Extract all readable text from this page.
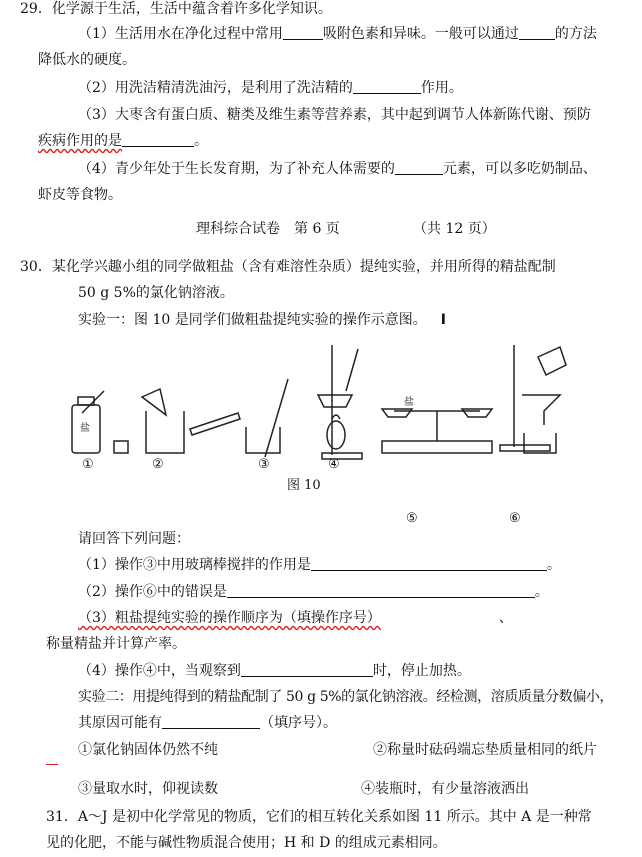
29．化学源于生活，生活中蕴含着许多化学知识。
（1）生活用水在净化过程中常用	吸附色素和异味。一般可以通过	的方法
降低水的硬度。
（2）用洗洁精清洗油污，是利用了洗洁精的	作用。
（3）大枣含有蛋白质、糖类及维生素等营养素，其中起到调节人体新陈代谢、预防
疾病作用的是	。
（4）青少年处于生长发育期，为了补充人体需要的	元素，可以多吃奶制品、
虾皮等食物。
理科综合试卷　第 6 页	（共 12 页）
30．某化学兴趣小组的同学做粗盐（含有难溶性杂质）提纯实验，并用所得的精盐配制
50 g 5%的氯化钠溶液。
实验一：图 10 是同学们做粗盐提纯实验的操作示意图。 I
盐
盐
①	②	③	④
图 10
⑤	⑥
请回答下列问题：
（1）操作③中用玻璃棒搅拌的作用是	。
（2）操作⑥中的错误是	。
（3）粗盐提纯实验的操作顺序为（填操作序号）	、
称量精盐并计算产率。
（4）操作④中，当观察到	时，停止加热。
实验二：用提纯得到的精盐配制了 50 g 5%的氯化钠溶液。经检测，溶质质量分数偏小，
其原因可能有	（填序号）。
①氯化钠固体仍然不纯	②称量时砝码端忘垫质量相同的纸片
③量取水时，仰视读数	④装瓶时，有少量溶液洒出
31．A～J 是初中化学常见的物质，它们的相互转化关系如图 11 所示。其中 A 是一种常
见的化肥，不能与碱性物质混合使用；H 和 D 的组成元素相同。
